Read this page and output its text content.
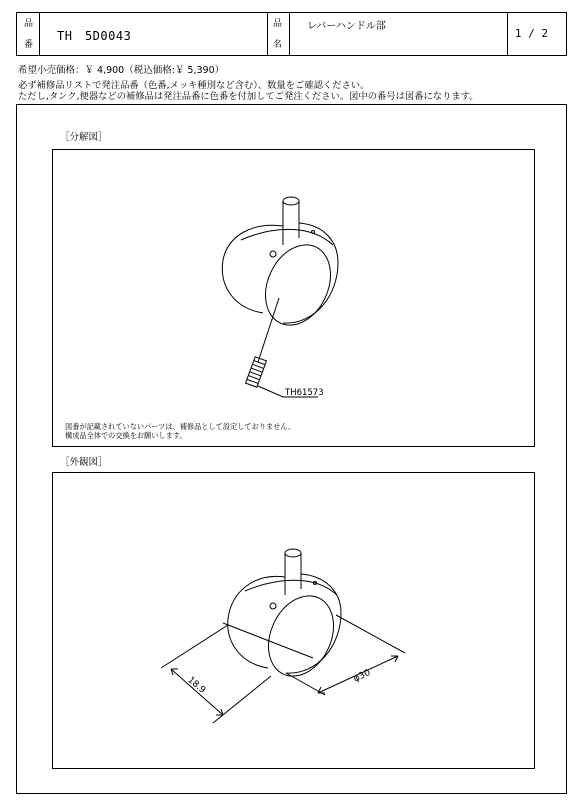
品
番
TH　5D0043
品
名
レバーハンドル部
1 / 2
希望小売価格：￥ 4,900（税込価格:￥ 5,390）
必ず補修品リストで発注品番（色番,メッキ種別など含む）、数量をご確認ください。
ただし,タンク,便器などの補修品は発注品番に色番を付加してご発注ください。図中の番号は図番になります。
［分解図］
TH61573
図番が記載されていないパーツは、補修品として設定しておりません。
構成品全体での交換をお願いします。
［外観図］
18.9	φ30
